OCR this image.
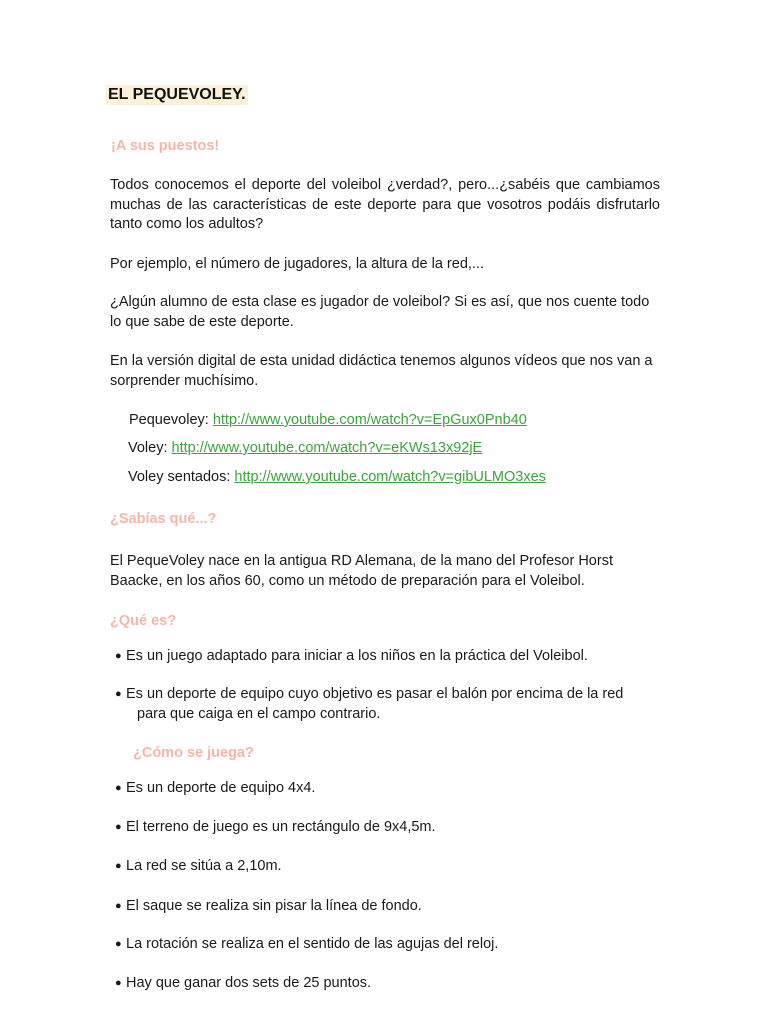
EL PEQUEVOLEY.
¡A sus puestos!
Todos conocemos el deporte del voleibol ¿verdad?, pero...¿sabéis que cambiamos muchas de las características de este deporte para que vosotros podáis disfrutarlo tanto como los adultos?
Por ejemplo, el número de jugadores, la altura de la red,...
¿Algún alumno de esta clase es jugador de voleibol? Si es así, que nos cuente todo lo que sabe de este deporte.
En la versión digital de esta unidad didáctica tenemos algunos vídeos que nos van a sorprender muchísimo.
Pequevoley: http://www.youtube.com/watch?v=EpGux0Pnb40
Voley: http://www.youtube.com/watch?v=eKWs13x92jE
Voley sentados: http://www.youtube.com/watch?v=gibULMO3xes
¿Sabías qué...?
El PequeVoley nace en la antigua RD Alemana, de la mano del Profesor Horst Baacke, en los años 60, como un método de preparación para el Voleibol.
¿Qué es?
● Es un juego adaptado para iniciar a los niños en la práctica del Voleibol.
● Es un deporte de equipo cuyo objetivo es pasar el balón por encima de la red
para que caiga en el campo contrario.
¿Cómo se juega?
● Es un deporte de equipo 4x4.
● El terreno de juego es un rectángulo de 9x4,5m.
● La red se sitúa a 2,10m.
● El saque se realiza sin pisar la línea de fondo.
● La rotación se realiza en el sentido de las agujas del reloj.
● Hay que ganar dos sets de 25 puntos.
